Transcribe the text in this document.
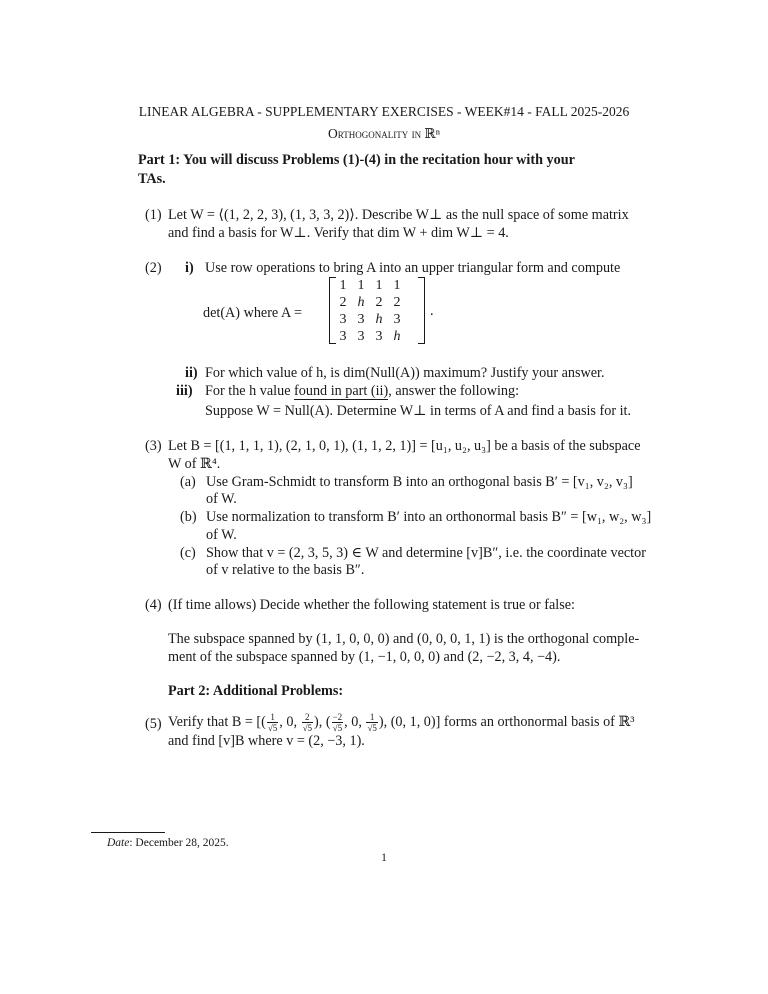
LINEAR ALGEBRA - SUPPLEMENTARY EXERCISES - WEEK#14 - FALL 2025-2026
Orthogonality in ℝⁿ
Part 1: You will discuss Problems (1)-(4) in the recitation hour with your
TAs.
(1) Let W = ⟨(1, 2, 2, 3), (1, 3, 3, 2)⟩. Describe W⊥ as the null space of some matrix
and find a basis for W⊥. Verify that dim W + dim W⊥ = 4.
(2) i) Use row operations to bring A into an upper triangular form and compute
det(A) where A =
1 1 1 1
2 h 2 2
3 3 h 3
3 3 3 h
.
ii) For which value of h, is dim(Null(A)) maximum? Justify your answer.
iii) For the h value found in part (ii), answer the following:
Suppose W = Null(A). Determine W⊥ in terms of A and find a basis for it.
(3) Let B = [(1, 1, 1, 1), (2, 1, 0, 1), (1, 1, 2, 1)] = [u₁, u₂, u₃] be a basis of the subspace
W of ℝ⁴.
(a) Use Gram-Schmidt to transform B into an orthogonal basis B′ = [v₁, v₂, v₃]
of W.
(b) Use normalization to transform B′ into an orthonormal basis B″ = [w₁, w₂, w₃]
of W.
(c) Show that v = (2, 3, 5, 3) ∈ W and determine [v]B″, i.e. the coordinate vector
of v relative to the basis B″.
(4) (If time allows) Decide whether the following statement is true or false:
The subspace spanned by (1, 1, 0, 0, 0) and (0, 0, 0, 1, 1) is the orthogonal comple-
ment of the subspace spanned by (1, −1, 0, 0, 0) and (2, −2, 3, 4, −4).
Part 2: Additional Problems:
(5) Verify that B = [( $\frac{1}{√5}$ , 0, $\frac{2}{√5}$ ), ( $\frac{-2}{√5}$ , 0, $\frac{1}{√5}$ ), (0, 1, 0)] forms an orthonormal basis of ℝ³
and find [v]B where v = (2, −3, 1).
Date: December 28, 2025.
1
